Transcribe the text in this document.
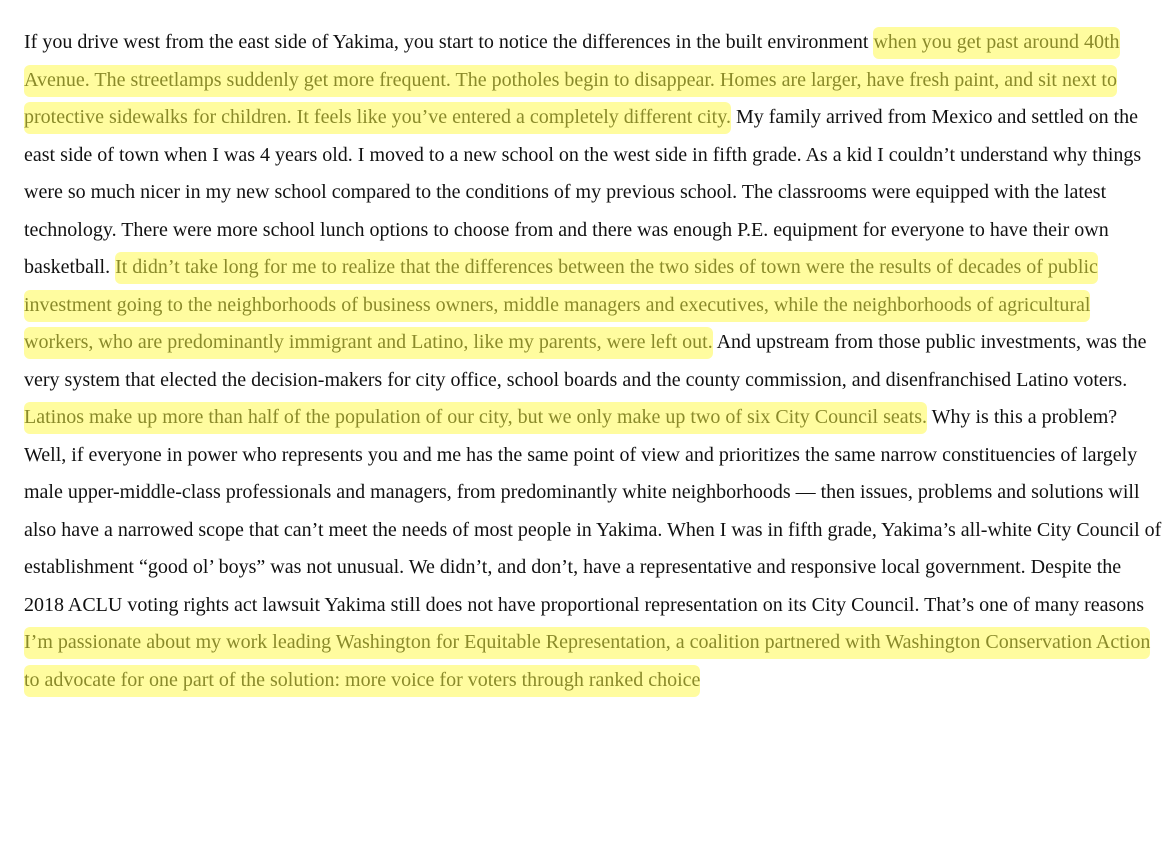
If you drive west from the east side of Yakima, you start to notice the differences in the built environment when you get past around 40th Avenue. The streetlamps suddenly get more frequent. The potholes begin to disappear. Homes are larger, have fresh paint, and sit next to protective sidewalks for children. It feels like you’ve entered a completely different city. My family arrived from Mexico and settled on the east side of town when I was 4 years old. I moved to a new school on the west side in fifth grade. As a kid I couldn’t understand why things were so much nicer in my new school compared to the conditions of my previous school. The classrooms were equipped with the latest technology. There were more school lunch options to choose from and there was enough P.E. equipment for everyone to have their own basketball. It didn’t take long for me to realize that the differences between the two sides of town were the results of decades of public investment going to the neighborhoods of business owners, middle managers and executives, while the neighborhoods of agricultural workers, who are predominantly immigrant and Latino, like my parents, were left out. And upstream from those public investments, was the very system that elected the decision-makers for city office, school boards and the county commission, and disenfranchised Latino voters. Latinos make up more than half of the population of our city, but we only make up two of six City Council seats. Why is this a problem? Well, if everyone in power who represents you and me has the same point of view and prioritizes the same narrow constituencies of largely male upper-middle-class professionals and managers, from predominantly white neighborhoods — then issues, problems and solutions will also have a narrowed scope that can’t meet the needs of most people in Yakima. When I was in fifth grade, Yakima’s all-white City Council of establishment “good ol’ boys” was not unusual. We didn’t, and don’t, have a representative and responsive local government. Despite the 2018 ACLU voting rights act lawsuit Yakima still does not have proportional representation on its City Council. That’s one of many reasons I’m passionate about my work leading Washington for Equitable Representation, a coalition partnered with Washington Conservation Action to advocate for one part of the solution: more voice for voters through ranked choice
